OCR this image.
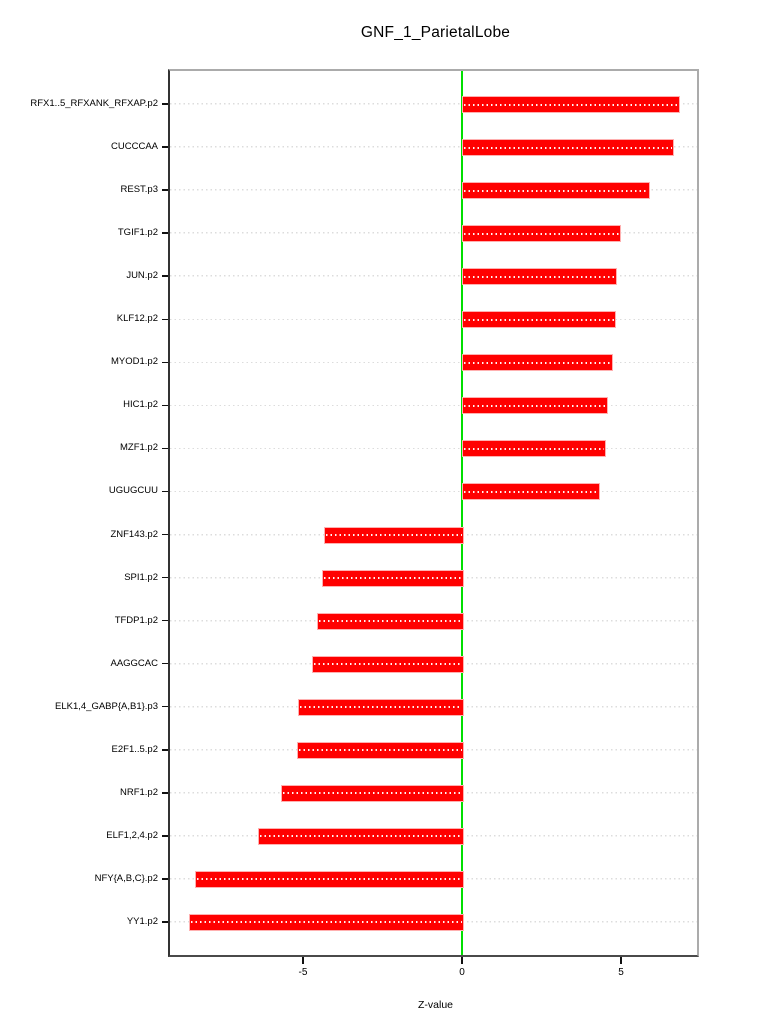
GNF_1_ParietalLobe
RFX1..5_RFXANK_RFXAP.p2
CUCCCAA
REST.p3
TGIF1.p2
JUN.p2
KLF12.p2
MYOD1.p2
HIC1.p2
MZF1.p2
UGUGCUU
ZNF143.p2
SPI1.p2
TFDP1.p2
AAGGCAC
ELK1,4_GABP{A,B1}.p3
E2F1..5.p2
NRF1.p2
ELF1,2,4.p2
NFY{A,B,C}.p2
YY1.p2
-5	0	5
Z-value
